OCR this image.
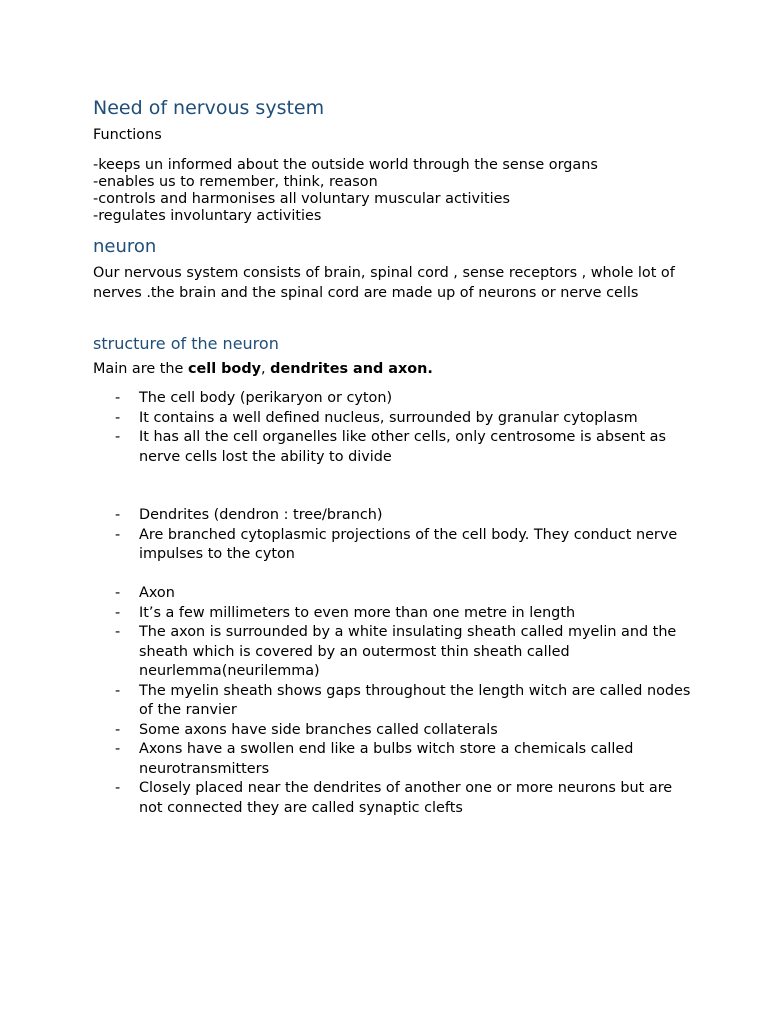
Need of nervous system

Functions

-keeps un informed about the outside world through the sense organs
-enables us to remember, think, reason
-controls and harmonises all voluntary muscular activities
-regulates involuntary activities
neuron

Our nervous system consists of brain, spinal cord , sense receptors , whole lot of nerves .the brain and the spinal cord are made up of neurons or nerve cells

structure of the neuron

Main are the cell body, dendrites and axon.

- The cell body (perikaryon or cyton)
- It contains a well defined nucleus, surrounded by granular cytoplasm
- It has all the cell organelles like other cells, only centrosome is absent as nerve cells lost the ability to divide
- Dendrites (dendron : tree/branch)
- Are branched cytoplasmic projections of the cell body. They conduct nerve impulses to the cyton
- Axon
- It’s a few millimeters to even more than one metre in length
- The axon is surrounded by a white insulating sheath called myelin and the sheath which is covered by an outermost thin sheath called neurlemma(neurilemma)
- The myelin sheath shows gaps throughout the length witch are called nodes of the ranvier
- Some axons have side branches called collaterals
- Axons have a swollen end like a bulbs witch store a chemicals called neurotransmitters
- Closely placed near the dendrites of another one or more neurons but are not connected they are called synaptic clefts
